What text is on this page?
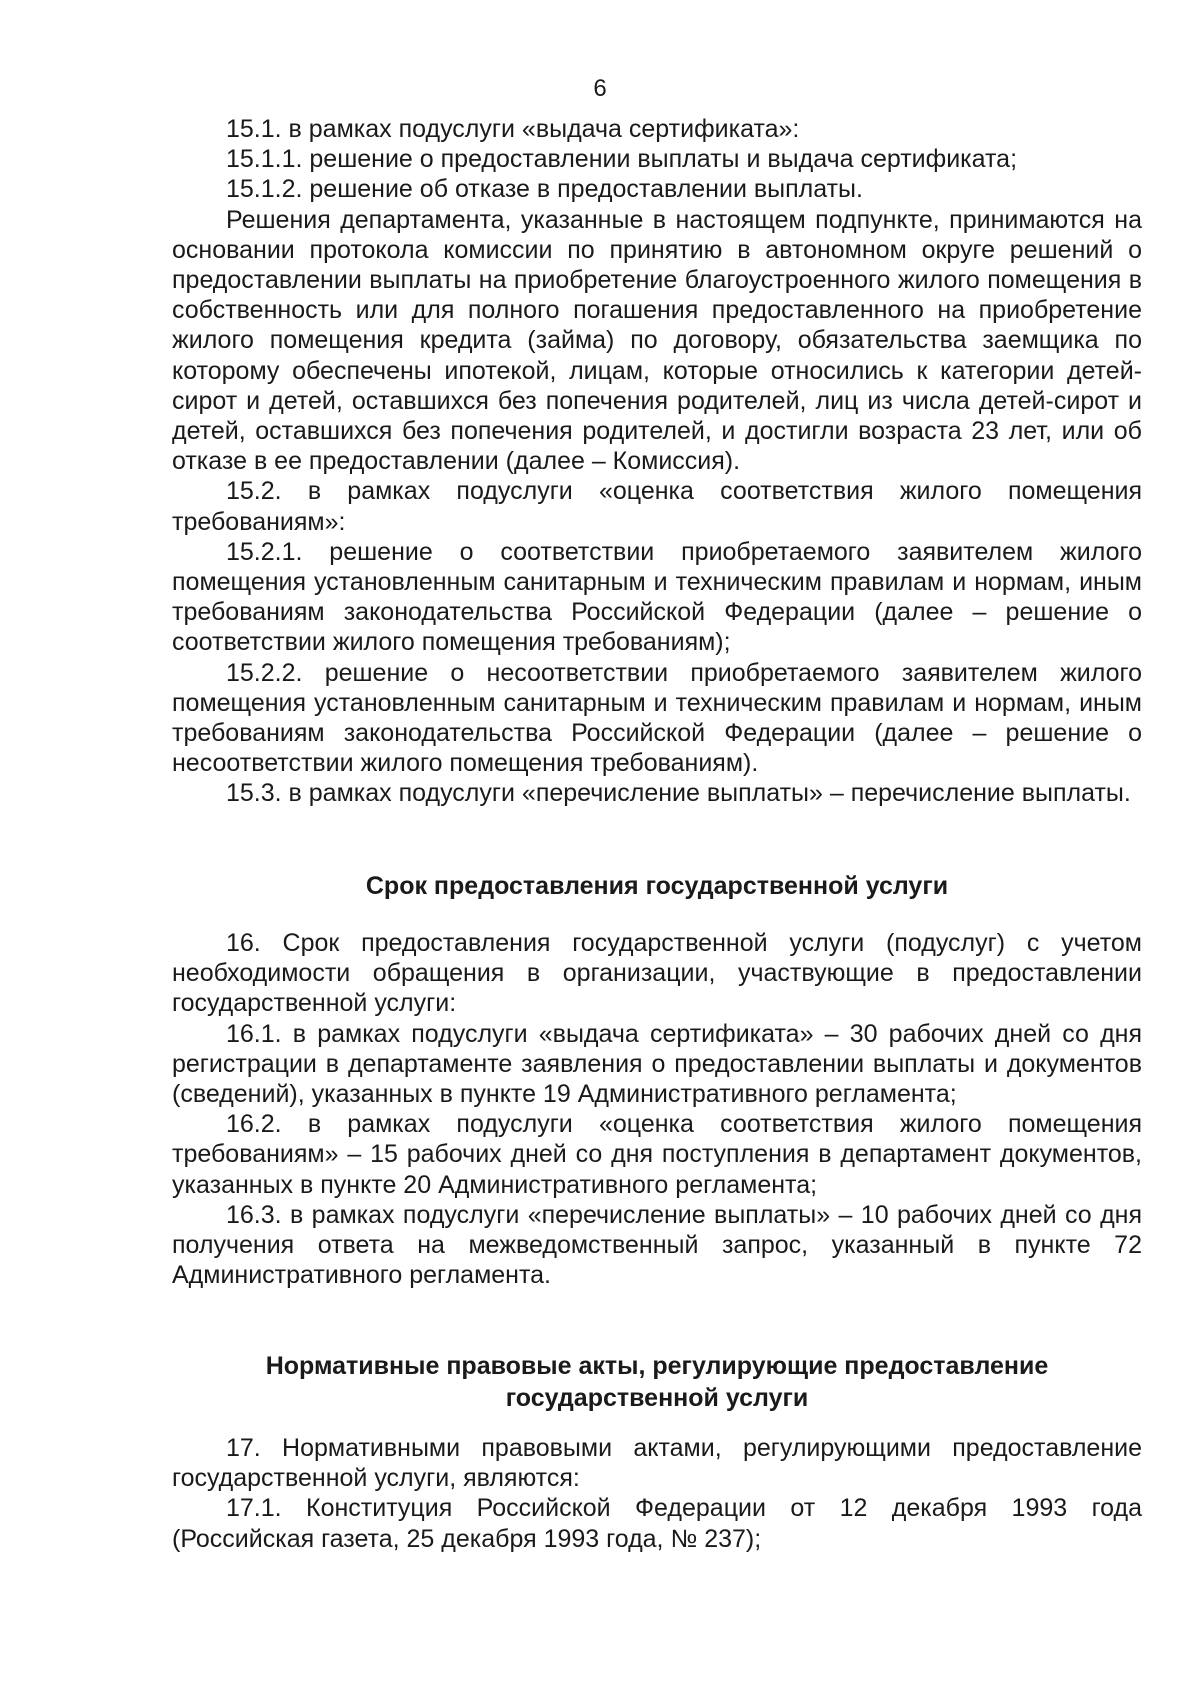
6

15.1. в рамках подуслуги «выдача сертификата»:

15.1.1. решение о предоставлении выплаты и выдача сертификата;

15.1.2. решение об отказе в предоставлении выплаты.

Решения департамента, указанные в настоящем подпункте, принимаются на основании протокола комиссии по принятию в автономном округе решений о предоставлении выплаты на приобретение благоустроенного жилого помещения в собственность или для полного погашения предоставленного на приобретение жилого помещения кредита (займа) по договору, обязательства заемщика по которому обеспечены ипотекой, лицам, которые относились к категории детей-сирот и детей, оставшихся без попечения родителей, лиц из числа детей-сирот и детей, оставшихся без попечения родителей, и достигли возраста 23 лет, или об отказе в ее предоставлении (далее – Комиссия).

15.2. в рамках подуслуги «оценка соответствия жилого помещения требованиям»:

15.2.1. решение о соответствии приобретаемого заявителем жилого помещения установленным санитарным и техническим правилам и нормам, иным требованиям законодательства Российской Федерации (далее – решение о соответствии жилого помещения требованиям);

15.2.2. решение о несоответствии приобретаемого заявителем жилого помещения установленным санитарным и техническим правилам и нормам, иным требованиям законодательства Российской Федерации (далее – решение о несоответствии жилого помещения требованиям).

15.3. в рамках подуслуги «перечисление выплаты» – перечисление выплаты.

Срок предоставления государственной услуги

16. Срок предоставления государственной услуги (подуслуг) с учетом необходимости обращения в организации, участвующие в предоставлении государственной услуги:

16.1. в рамках подуслуги «выдача сертификата» – 30 рабочих дней со дня регистрации в департаменте заявления о предоставлении выплаты и документов (сведений), указанных в пункте 19 Административного регламента;

16.2. в рамках подуслуги «оценка соответствия жилого помещения требованиям» – 15 рабочих дней со дня поступления в департамент документов, указанных в пункте 20 Административного регламента;

16.3. в рамках подуслуги «перечисление выплаты» – 10 рабочих дней со дня получения ответа на межведомственный запрос, указанный в пункте 72 Административного регламента.

Нормативные правовые акты, регулирующие предоставление государственной услуги

17. Нормативными правовыми актами, регулирующими предоставление государственной услуги, являются:

17.1. Конституция Российской Федерации от 12 декабря 1993 года (Российская газета, 25 декабря 1993 года, № 237);
